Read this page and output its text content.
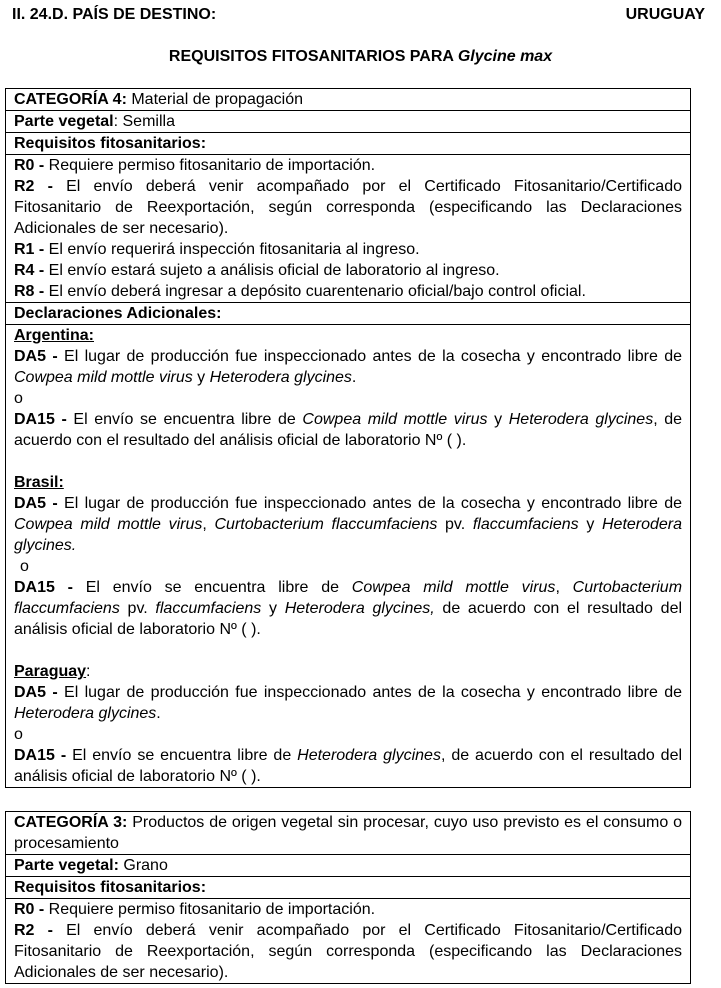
II. 24.D. PAÍS DE DESTINO:	URUGUAY
REQUISITOS FITOSANITARIOS PARA Glycine max
CATEGORÍA 4: Material de propagación
Parte vegetal: Semilla
Requisitos fitosanitarios:

R0 - Requiere permiso fitosanitario de importación.
R2 - El envío deberá venir acompañado por el Certificado Fitosanitario/Certificado Fitosanitario de Reexportación, según corresponda (especificando las Declaraciones Adicionales de ser necesario).
R1 - El envío requerirá inspección fitosanitaria al ingreso.
R4 - El envío estará sujeto a análisis oficial de laboratorio al ingreso.
R8 - El envío deberá ingresar a depósito cuarentenario oficial/bajo control oficial.

Declaraciones Adicionales:

Argentina:
DA5 - El lugar de producción fue inspeccionado antes de la cosecha y encontrado libre de Cowpea mild mottle virus y Heterodera glycines.
o
DA15 - El envío se encuentra libre de Cowpea mild mottle virus y Heterodera glycines, de acuerdo con el resultado del análisis oficial de laboratorio Nº ( ).
Brasil:
DA5 - El lugar de producción fue inspeccionado antes de la cosecha y encontrado libre de Cowpea mild mottle virus, Curtobacterium flaccumfaciens pv. flaccumfaciens y Heterodera glycines.
o
DA15 - El envío se encuentra libre de Cowpea mild mottle virus, Curtobacterium flaccumfaciens pv. flaccumfaciens y Heterodera glycines, de acuerdo con el resultado del análisis oficial de laboratorio Nº ( ).
Paraguay:
DA5 - El lugar de producción fue inspeccionado antes de la cosecha y encontrado libre de Heterodera glycines.
o
DA15 - El envío se encuentra libre de Heterodera glycines, de acuerdo con el resultado del análisis oficial de laboratorio Nº ( ).
CATEGORÍA 3: Productos de origen vegetal sin procesar, cuyo uso previsto es el consumo o procesamiento
Parte vegetal: Grano
Requisitos fitosanitarios:

R0 - Requiere permiso fitosanitario de importación.
R2 - El envío deberá venir acompañado por el Certificado Fitosanitario/Certificado Fitosanitario de Reexportación, según corresponda (especificando las Declaraciones Adicionales de ser necesario).
